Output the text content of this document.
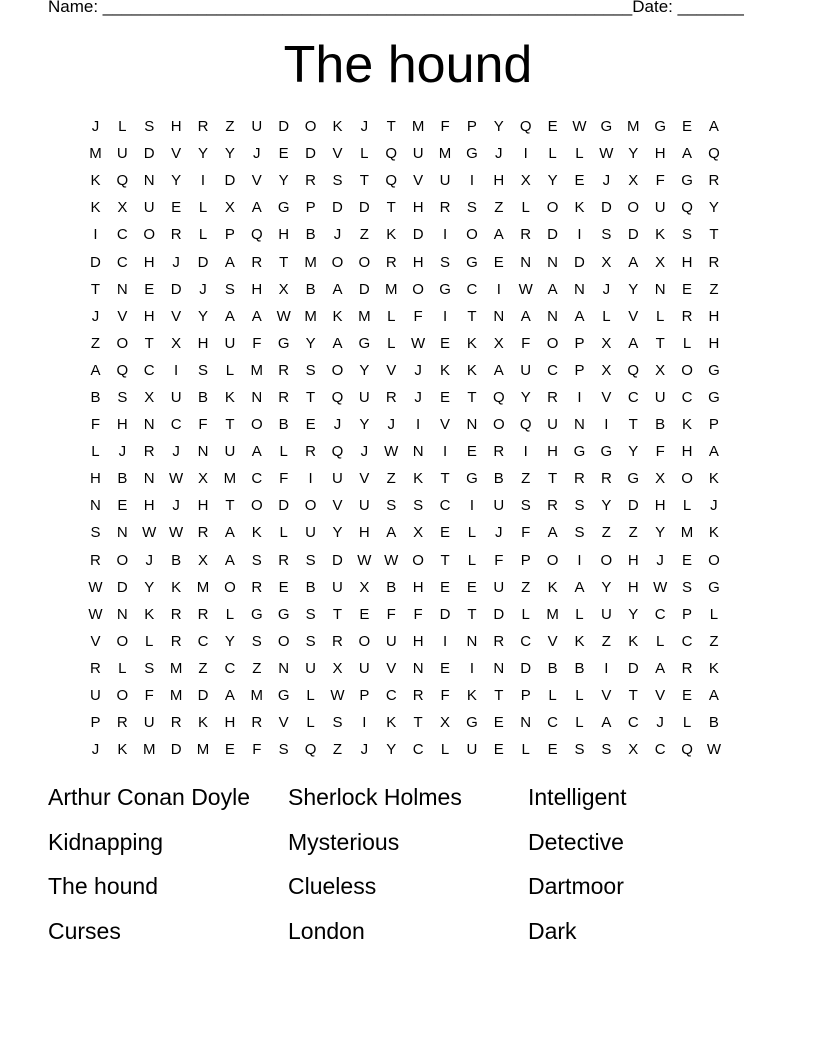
Name: ________________________________________________________ Date: _______
The hound
J	L	S	H	R	Z	U	D	O	K	J	T	M	F	P	Y	Q	E W G M G	E	A
M	U	D	V	Y	Y	J	E	D	V	L	Q	U	M G	J	I	L	L	W Y	H	A	Q
K	Q	N	Y	I	D	V	Y	R	S	T	Q	V	U	I	H	X	Y	E	J	X	F	G	R
K	X	U	E	L	X	A	G	P	D	D	T	H	R	S	Z	L	O	K	D	O	U	Q	Y
I	C	O	R	L	P	Q	H	B	J	Z	K	D	I	O	A	R	D	I	S	D	K	S	T
D	C	H	J	D	A	R	T	M O	O	R	H	S	G	E	N	N	D	X	A	X	H	R
T	N	E	D	J	S	H	X	B	A	D	M O	G	C	I	W A	N	J	Y	N	E	Z
J	V	H	V	Y	A	A W M	K	M	L	F	I	T	N	A	N	A	L	V	L	R	H
Z	O	T	X	H	U	F	G	Y	A	G	L	W E	K	X	F	O	P	X	A	T	L	H
A	Q	C	I	S	L	M	R	S	O	Y	V	J	K	K	A	U	C	P	X	Q	X	O	G
B	S	X	U	B	K	N	R	T	Q	U	R	J	E	T	Q	Y	R	I	V	C	U	C	G
F	H	N	C	F	T	O	B	E	J	Y	J	I	V	N	O	Q	U	N	I	T	B	K	P
L	J	R	J	N	U	A	L	R	Q	J	W N	I	E	R	I	H	G	G	Y	F	H	A
H	B	N W X	M	C	F	I	U	V	Z	K	T	G	B	Z	T	R	R	G	X	O	K
N	E	H	J	H	T	O	D	O	V	U	S	S	C	I	U	S	R	S	Y	D	H	L	J
S	N W W R	A	K	L	U	Y	H	A	X	E	L	J	F	A	S	Z	Z	Y	M	K
R	O	J	B	X	A	S	R	S	D W W O	T	L	F	P	O	I	O	H	J	E	O
W D	Y	K	M O	R	E	B	U	X	B	H	E	E	U	Z	K	A	Y	H W S	G
W N	K	R	R	L	G	G	S	T	E	F	F	D	T	D	L	M	L	U	Y	C	P	L
V	O	L	R	C	Y	S	O	S	R	O	U	H	I	N	R	C	V	K	Z	K	L	C	Z
R	L	S	M	Z	C	Z	N	U	X	U	V	N	E	I	N	D	B	B	I	D	A	R	K
U	O	F	M	D	A	M G	L	W P	C	R	F	K	T	P	L	L	V	T	V	E	A
P	R	U	R	K	H	R	V	L	S	I	K	T	X	G	E	N	C	L	A	C	J	L	B
J	K	M	D	M	E	F	S	Q	Z	J	Y	C	L	U	E	L	E	S	S	X	C	Q W
Arthur Conan Doyle	Sherlock Holmes	Intelligent
Kidnapping	Mysterious	Detective
The hound	Clueless	Dartmoor
Curses	London	Dark
